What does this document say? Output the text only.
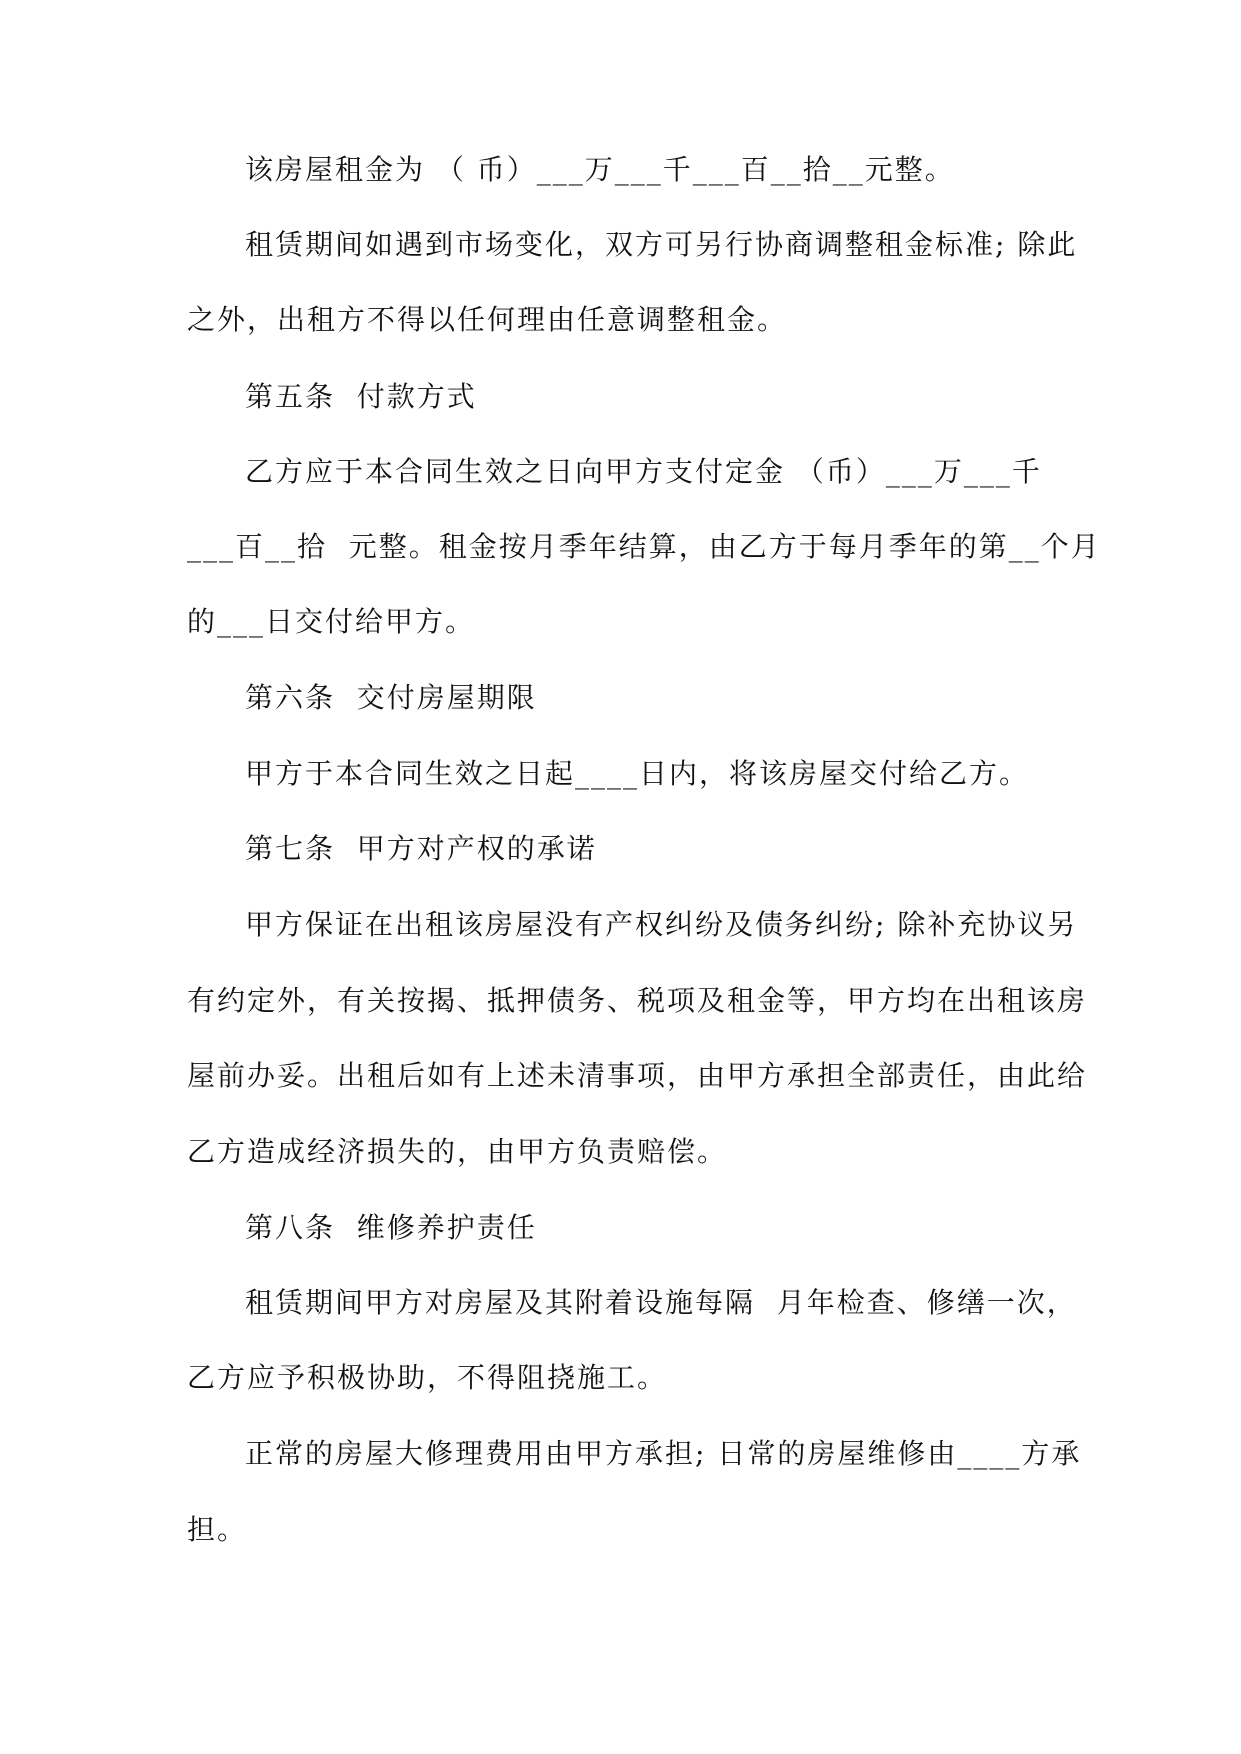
该房屋租金为 （ 币）___万___千___百__拾__元整。
租赁期间如遇到市场变化，双方可另行协商调整租金标准; 除此
之外，出租方不得以任何理由任意调整租金。
第五条  付款方式
乙方应于本合同生效之日向甲方支付定金 （币）___万___千
___百__拾  元整。租金按月季年结算，由乙方于每月季年的第__个月
的___日交付给甲方。
第六条  交付房屋期限
甲方于本合同生效之日起____日内，将该房屋交付给乙方。
第七条  甲方对产权的承诺
甲方保证在出租该房屋没有产权纠纷及债务纠纷; 除补充协议另
有约定外，有关按揭、抵押债务、税项及租金等，甲方均在出租该房
屋前办妥。出租后如有上述未清事项，由甲方承担全部责任，由此给
乙方造成经济损失的，由甲方负责赔偿。
第八条  维修养护责任
租赁期间甲方对房屋及其附着设施每隔  月年检查、修缮一次，
乙方应予积极协助，不得阻挠施工。
正常的房屋大修理费用由甲方承担; 日常的房屋维修由____方承
担。
